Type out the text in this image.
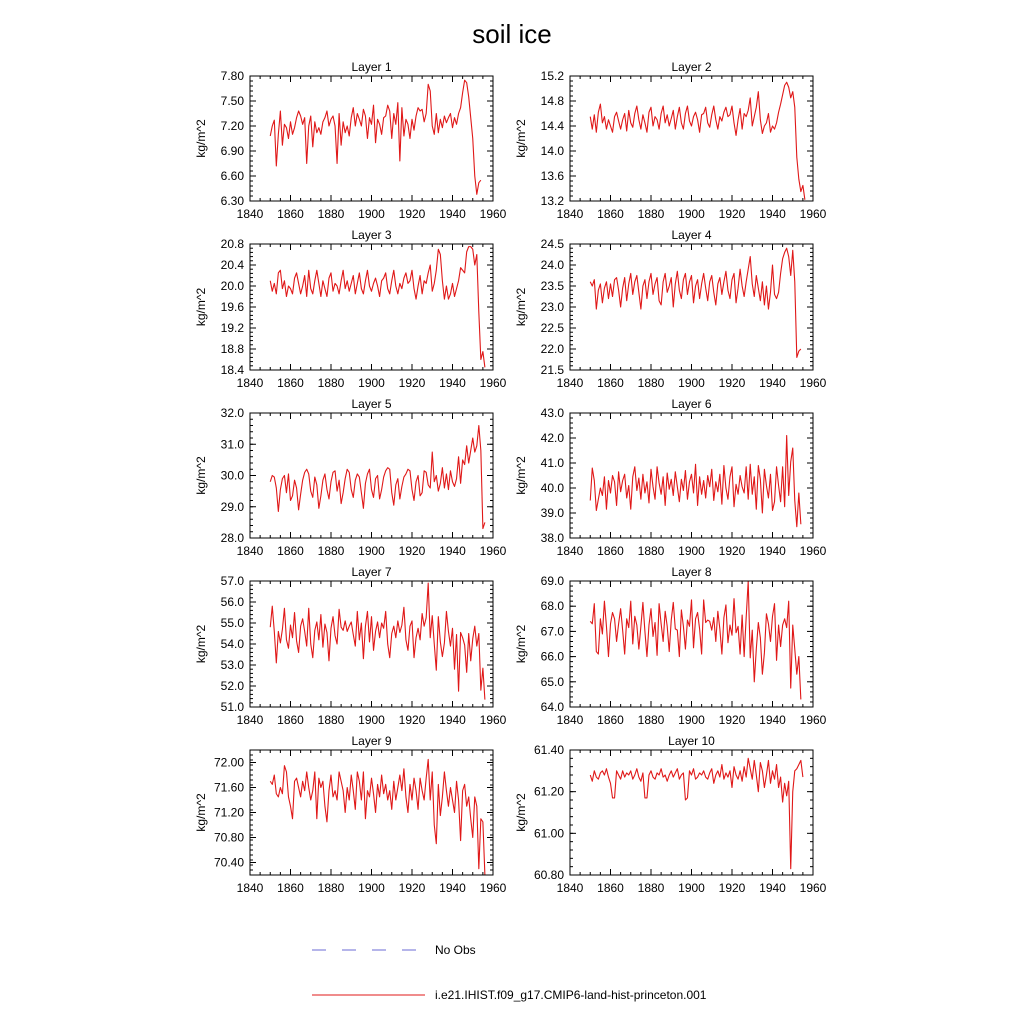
soil ice
Layer 1
kg/m^2
1840 1860 1880 1900 1920 1940 1960
6.30
6.60
6.90
7.20
7.50
7.80
Layer 2
kg/m^2
1840 1860 1880 1900 1920 1940 1960
13.2
13.6
14.0
14.4
14.8
15.2
Layer 3
kg/m^2
1840 1860 1880 1900 1920 1940 1960
18.4
18.8
19.2
19.6
20.0
20.4
20.8
Layer 4
kg/m^2
1840 1860 1880 1900 1920 1940 1960
21.5
22.0
22.5
23.0
23.5
24.0
24.5
Layer 5
kg/m^2
1840 1860 1880 1900 1920 1940 1960
28.0
29.0
30.0
31.0
32.0
Layer 6
kg/m^2
1840 1860 1880 1900 1920 1940 1960
38.0
39.0
40.0
41.0
42.0
43.0
Layer 7
kg/m^2
1840 1860 1880 1900 1920 1940 1960
51.0
52.0
53.0
54.0
55.0
56.0
57.0
Layer 8
kg/m^2
1840 1860 1880 1900 1920 1940 1960
64.0
65.0
66.0
67.0
68.0
69.0
Layer 9
kg/m^2
1840 1860 1880 1900 1920 1940 1960
70.40
70.80
71.20
71.60
72.00
Layer 10
kg/m^2
1840 1860 1880 1900 1920 1940 1960
60.80
61.00
61.20
61.40
No Obs
i.e21.IHIST.f09_g17.CMIP6-land-hist-princeton.001
